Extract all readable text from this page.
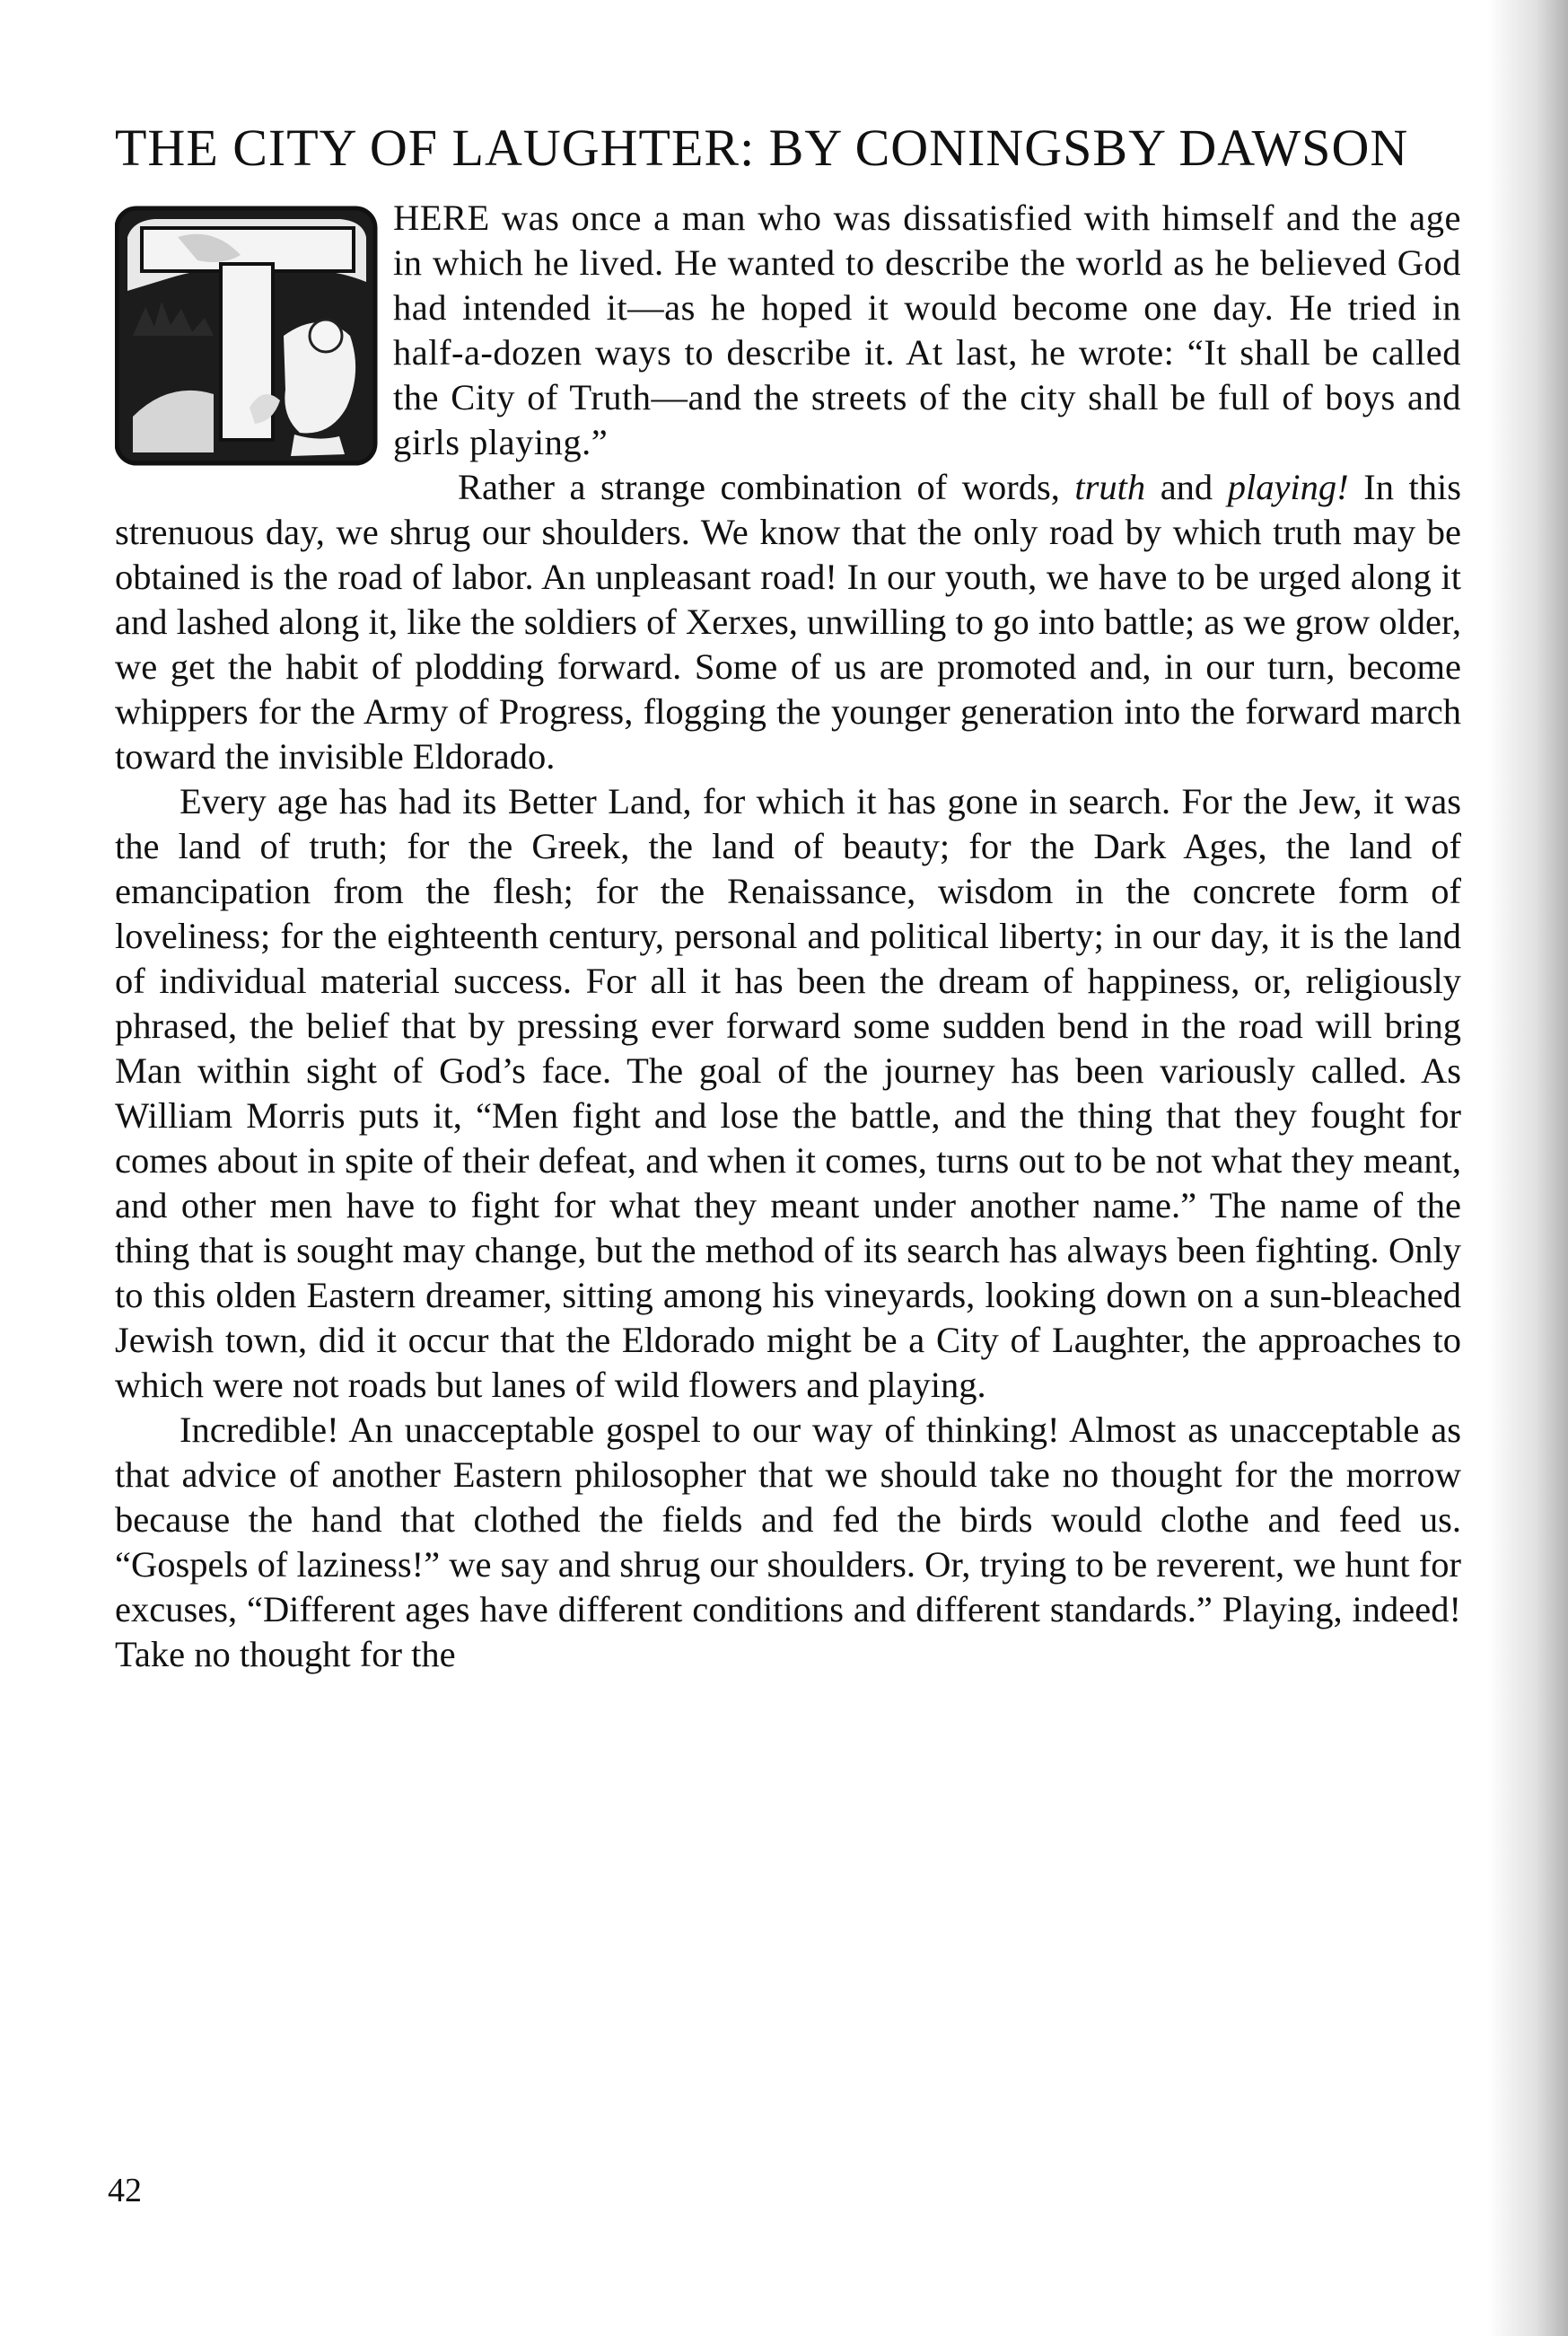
THE CITY OF LAUGHTER: BY CONINGSBY DAWSON

HERE was once a man who was dissatisfied with himself and the age in which he lived. He wanted to describe the world as he believed God had intended it—as he hoped it would become one day. He tried in half-a-dozen ways to describe it. At last, he wrote: “It shall be called the City of Truth—and the streets of the city shall be full of boys and girls playing.”

Rather a strange combination of words, truth and playing! In this strenuous day, we shrug our shoulders. We know that the only road by which truth may be obtained is the road of labor. An unpleasant road! In our youth, we have to be urged along it and lashed along it, like the soldiers of Xerxes, unwilling to go into battle; as we grow older, we get the habit of plodding forward. Some of us are promoted and, in our turn, become whippers for the Army of Progress, flogging the younger generation into the forward march toward the invisible Eldorado.

Every age has had its Better Land, for which it has gone in search. For the Jew, it was the land of truth; for the Greek, the land of beauty; for the Dark Ages, the land of emancipation from the flesh; for the Renaissance, wisdom in the concrete form of loveliness; for the eighteenth century, personal and political liberty; in our day, it is the land of individual material success. For all it has been the dream of happiness, or, religiously phrased, the belief that by pressing ever forward some sudden bend in the road will bring Man within sight of God’s face. The goal of the journey has been variously called. As William Morris puts it, “Men fight and lose the battle, and the thing that they fought for comes about in spite of their defeat, and when it comes, turns out to be not what they meant, and other men have to fight for what they meant under another name.” The name of the thing that is sought may change, but the method of its search has always been fighting. Only to this olden Eastern dreamer, sitting among his vineyards, looking down on a sun-bleached Jewish town, did it occur that the Eldorado might be a City of Laughter, the approaches to which were not roads but lanes of wild flowers and playing.

Incredible! An unacceptable gospel to our way of thinking! Almost as unacceptable as that advice of another Eastern philosopher that we should take no thought for the morrow because the hand that clothed the fields and fed the birds would clothe and feed us. “Gospels of laziness!” we say and shrug our shoulders. Or, trying to be reverent, we hunt for excuses, “Different ages have different conditions and different standards.” Playing, indeed! Take no thought for the

42
